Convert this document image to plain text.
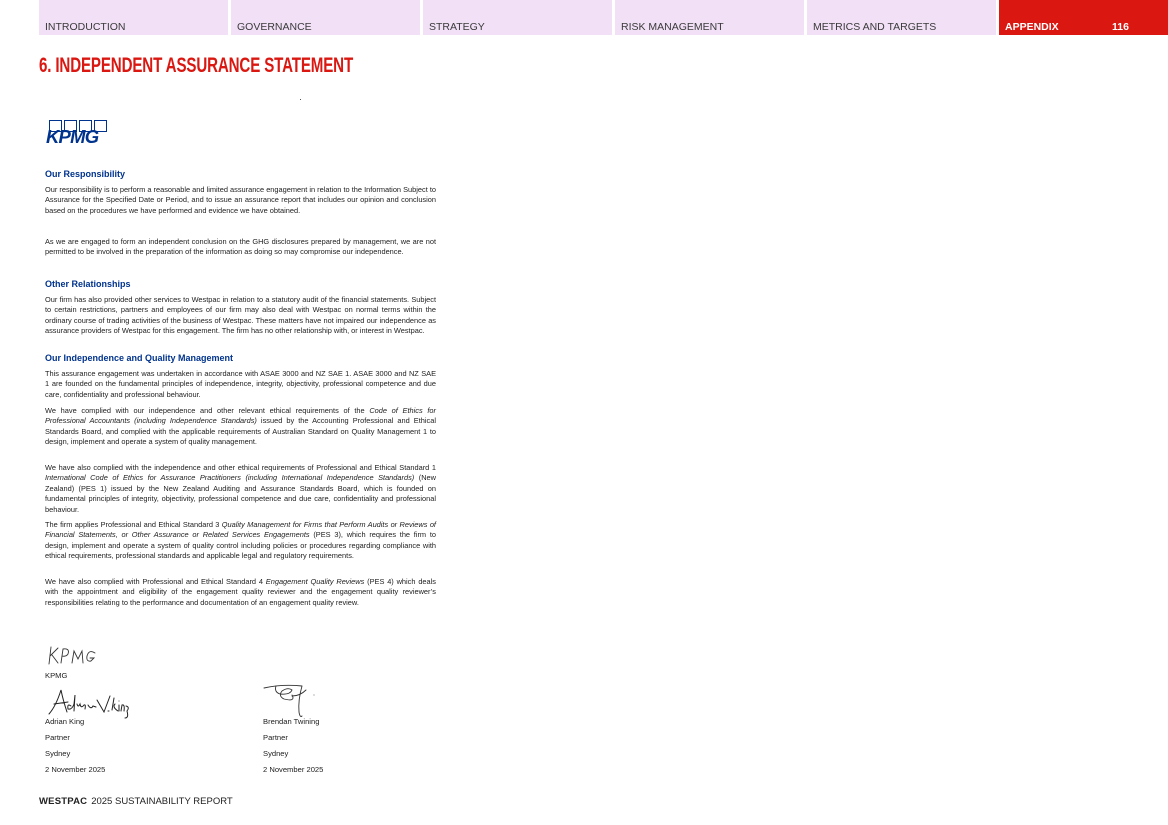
INTRODUCTION	GOVERNANCE	STRATEGY	RISK MANAGEMENT	METRICS AND TARGETS	APPENDIX	116
6. INDEPENDENT ASSURANCE STATEMENT
KPMG
Our Responsibility

Our responsibility is to perform a reasonable and limited assurance engagement in relation to the Information Subject to Assurance for the Specified Date or Period, and to issue an assurance report that includes our opinion and conclusion based on the procedures we have performed and evidence we have obtained.

As we are engaged to form an independent conclusion on the GHG disclosures prepared by management, we are not permitted to be involved in the preparation of the information as doing so may compromise our independence.

Other Relationships

Our firm has also provided other services to Westpac in relation to a statutory audit of the financial statements. Subject to certain restrictions, partners and employees of our firm may also deal with Westpac on normal terms within the ordinary course of trading activities of the business of Westpac. These matters have not impaired our independence as assurance providers of Westpac for this engagement. The firm has no other relationship with, or interest in Westpac.

Our Independence and Quality Management

This assurance engagement was undertaken in accordance with ASAE 3000 and NZ SAE 1. ASAE 3000 and NZ SAE 1 are founded on the fundamental principles of independence, integrity, objectivity, professional competence and due care, confidentiality and professional behaviour.

We have complied with our independence and other relevant ethical requirements of the Code of Ethics for Professional Accountants (including Independence Standards) issued by the Accounting Professional and Ethical Standards Board, and complied with the applicable requirements of Australian Standard on Quality Management 1 to design, implement and operate a system of quality management.

We have also complied with the independence and other ethical requirements of Professional and Ethical Standard 1 International Code of Ethics for Assurance Practitioners (including International Independence Standards) (New Zealand) (PES 1) issued by the New Zealand Auditing and Assurance Standards Board, which is founded on fundamental principles of integrity, objectivity, professional competence and due care, confidentiality and professional behaviour.

The firm applies Professional and Ethical Standard 3 Quality Management for Firms that Perform Audits or Reviews of Financial Statements, or Other Assurance or Related Services Engagements (PES 3), which requires the firm to design, implement and operate a system of quality control including policies or procedures regarding compliance with ethical requirements, professional standards and applicable legal and regulatory requirements.

We have also complied with Professional and Ethical Standard 4 Engagement Quality Reviews (PES 4) which deals with the appointment and eligibility of the engagement quality reviewer and the engagement quality reviewer’s responsibilities relating to the performance and documentation of an engagement quality review.

KPMG
Adrian King
Partner
Sydney
2 November 2025
Brendan Twining
Partner
Sydney
2 November 2025
WESTPAC 2025 SUSTAINABILITY REPORT
